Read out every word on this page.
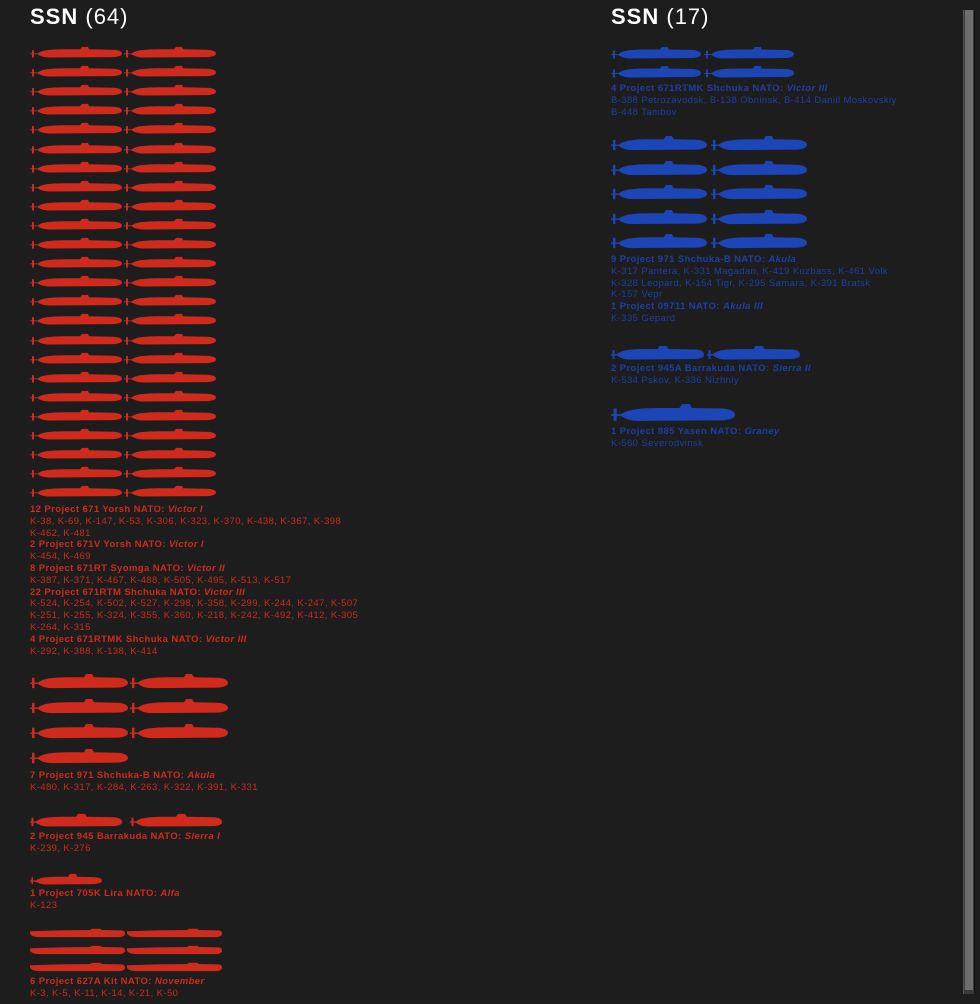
SSN (64)	SSN (17)
12 Project 671 Yorsh NATO: Victor I
K-38, K-69, K-147, K-53, K-306, K-323, K-370, K-438, K-367, K-398
K-462, K-481
2 Project 671V Yorsh NATO: Victor I
K-454, K-469
8 Project 671RT Syomga NATO: Victor II
K-387, K-371, K-467, K-488, K-505, K-495, K-513, K-517
22 Project 671RTM Shchuka NATO: Victor III
K-524, K-254, K-502, K-527, K-298, K-358, K-299, K-244, K-247, K-507
K-251, K-255, K-324, K-355, K-360, K-218, K-242, K-492, K-412, K-305
K-264, K-315
4 Project 671RTMK Shchuka NATO: Victor III
K-292, K-388, K-138, K-414
7 Project 971 Shchuka-B NATO: Akula
K-480, K-317, K-284, K-263, K-322, K-391, K-331
2 Project 945 Barrakuda NATO: Sierra I
K-239, K-276
1 Project 705K Lira NATO: Alfa
K-123
6 Project 627A Kit NATO: November
K-3, K-5, K-11, K-14, K-21, K-50
4 Project 671RTMK Shchuka NATO: Victor III
B-388 Petrozavodsk, B-138 Obninsk, B-414 Daniil Moskovskiy
B-448 Tambov
9 Project 971 Shchuka-B NATO: Akula
K-317 Pantera, K-331 Magadan, K-419 Kuzbass, K-461 Volk
K-328 Leopard, K-154 Tigr, K-295 Samara, K-391 Bratsk
K-157 Vepr
1 Project 09711 NATO: Akula III
K-335 Gepard
2 Project 945A Barrakuda NATO: Sierra II
K-534 Pskov, K-336 Nizhniy
1 Project 885 Yasen NATO: Graney
K-560 Severodvinsk
